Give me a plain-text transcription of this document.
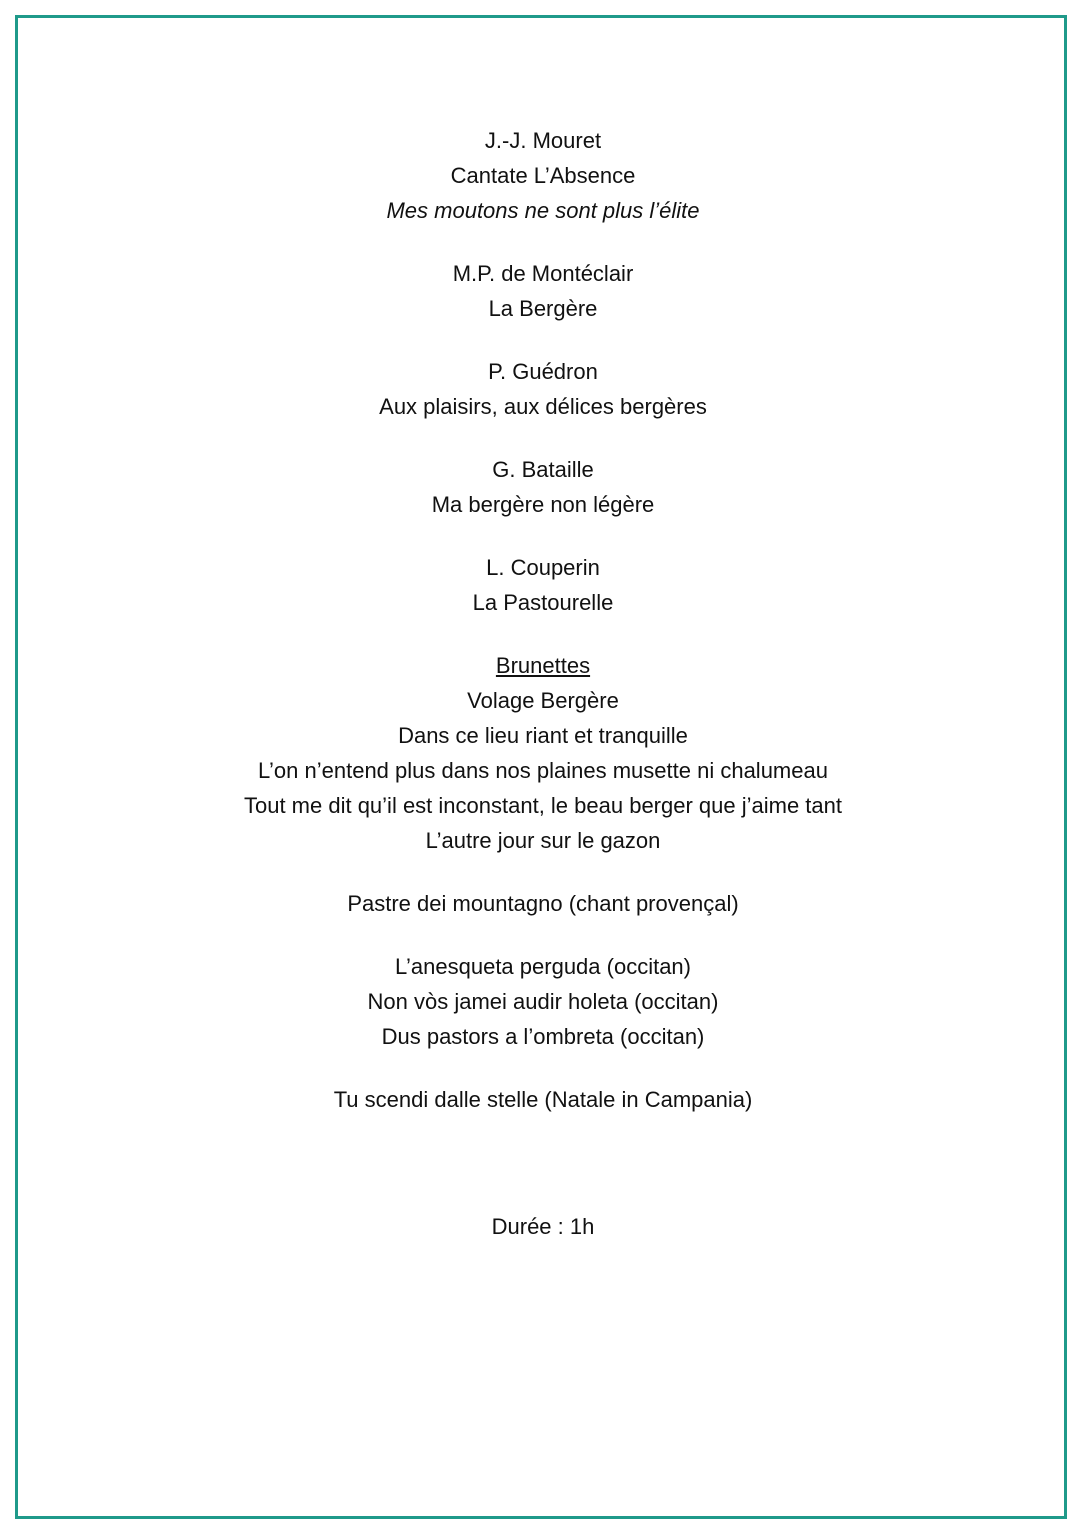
J.-J. Mouret
Cantate L’Absence
Mes moutons ne sont plus l’élite
M.P. de Montéclair
La Bergère
P. Guédron
Aux plaisirs, aux délices bergères
G. Bataille
Ma bergère non légère
L. Couperin
La Pastourelle
Brunettes
Volage Bergère
Dans ce lieu riant et tranquille
L’on n’entend plus dans nos plaines musette ni chalumeau
Tout me dit qu’il est inconstant, le beau berger que j’aime tant
L’autre jour sur le gazon
Pastre dei mountagno (chant provençal)
L’anesqueta perguda (occitan)
Non vòs jamei audir holeta (occitan)
Dus pastors a l’ombreta (occitan)
Tu scendi dalle stelle (Natale in Campania)
Durée : 1h
